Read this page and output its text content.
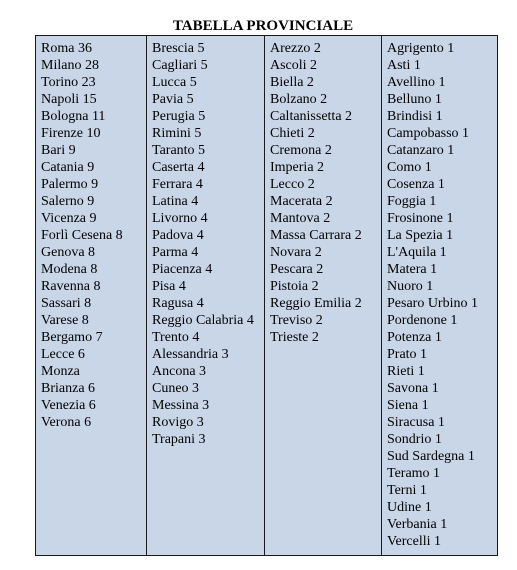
TABELLA PROVINCIALE
Roma 36
Milano 28
Torino 23
Napoli 15
Bologna 11
Firenze 10
Bari 9
Catania 9
Palermo 9
Salerno 9
Vicenza 9
Forlì Cesena 8
Genova 8
Modena 8
Ravenna 8
Sassari 8
Varese 8
Bergamo 7
Lecce 6
Monza Brianza 6
Venezia 6
Verona 6

Brescia 5
Cagliari 5
Lucca 5
Pavia 5
Perugia 5
Rimini 5
Taranto 5
Caserta 4
Ferrara 4
Latina 4
Livorno 4
Padova 4
Parma 4
Piacenza 4
Pisa 4
Ragusa 4
Reggio Calabria 4
Trento 4
Alessandria 3
Ancona 3
Cuneo 3
Messina 3
Rovigo 3
Trapani 3

Arezzo 2
Ascoli 2
Biella 2
Bolzano 2
Caltanissetta 2
Chieti 2
Cremona 2
Imperia 2
Lecco 2
Macerata 2
Mantova 2
Massa Carrara 2
Novara 2
Pescara 2
Pistoia 2
Reggio Emilia 2
Treviso 2
Trieste 2

Agrigento 1
Asti 1
Avellino 1
Belluno 1
Brindisi 1
Campobasso 1
Catanzaro 1
Como 1
Cosenza 1
Foggia 1
Frosinone 1
La Spezia 1
L'Aquila 1
Matera 1
Nuoro 1
Pesaro Urbino 1
Pordenone 1
Potenza 1
Prato 1
Rieti 1
Savona 1
Siena 1
Siracusa 1
Sondrio 1
Sud Sardegna 1
Teramo 1
Terni 1
Udine 1
Verbania 1
Vercelli 1
